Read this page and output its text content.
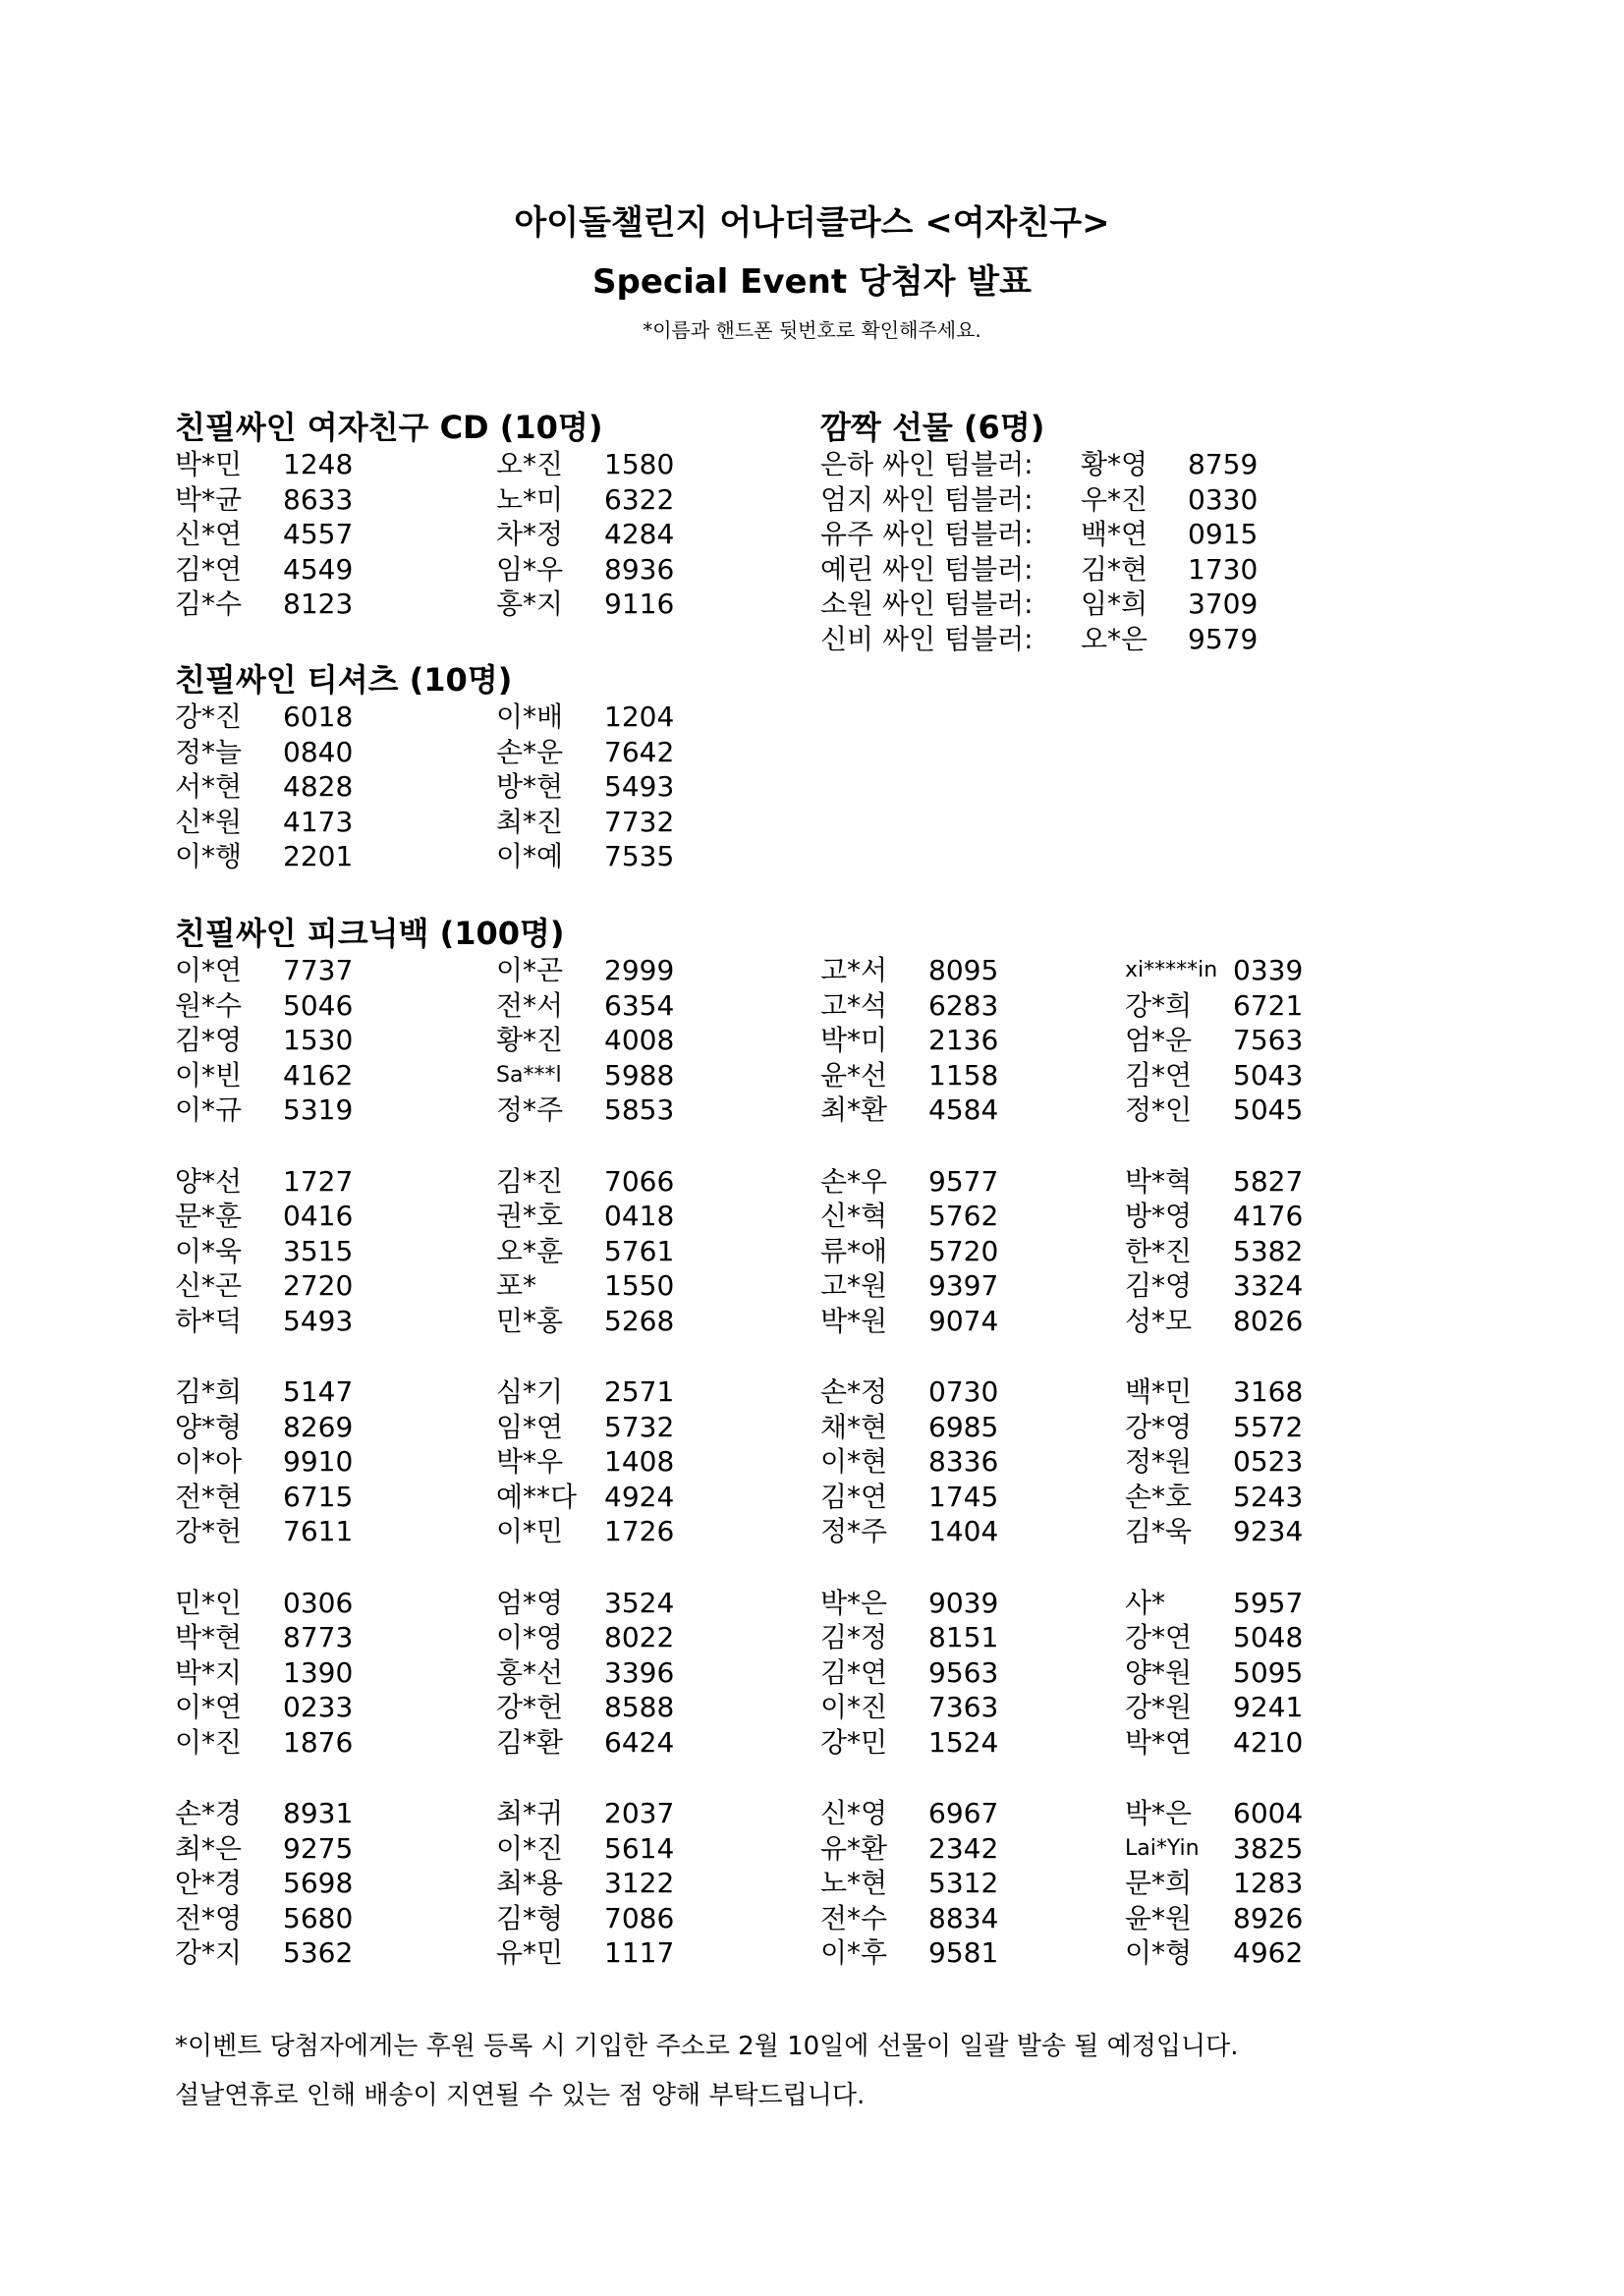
아이돌챌린지 어나더클라스 <여자친구>
Special Event 당첨자 발표
*이름과 핸드폰 뒷번호로 확인해주세요.
친필싸인 여자친구 CD (10명)
박*민 1248
박*균 8633
신*연 4557
김*연 4549
김*수 8123
오*진 1580
노*미 6322
차*정 4284
임*우 8936
홍*지 9116
깜짝 선물 (6명)
은하 싸인 텀블러: 황*영 8759
엄지 싸인 텀블러: 우*진 0330
유주 싸인 텀블러: 백*연 0915
예린 싸인 텀블러: 김*현 1730
소원 싸인 텀블러: 임*희 3709
신비 싸인 텀블러: 오*은 9579
친필싸인 티셔츠 (10명)
강*진 6018
정*늘 0840
서*현 4828
신*원 4173
이*행 2201
이*배 1204
손*운 7642
방*현 5493
최*진 7732
이*예 7535
친필싸인 피크닉백 (100명)
이*연 7737
원*수 5046
김*영 1530
이*빈 4162
이*규 5319
이*곤 2999
전*서 6354
황*진 4008
Sa***l 5988
정*주 5853
고*서 8095
고*석 6283
박*미 2136
윤*선 1158
최*환 4584
xi*****in 0339
강*희 6721
엄*운 7563
김*연 5043
정*인 5045
양*선 1727
문*훈 0416
이*욱 3515
신*곤 2720
하*덕 5493
김*진 7066
권*호 0418
오*훈 5761
포* 1550
민*홍 5268
손*우 9577
신*혁 5762
류*애 5720
고*원 9397
박*원 9074
박*혁 5827
방*영 4176
한*진 5382
김*영 3324
성*모 8026
김*희 5147
양*형 8269
이*아 9910
전*현 6715
강*헌 7611
심*기 2571
임*연 5732
박*우 1408
예**다 4924
이*민 1726
손*정 0730
채*현 6985
이*현 8336
김*연 1745
정*주 1404
백*민 3168
강*영 5572
정*원 0523
손*호 5243
김*욱 9234
민*인 0306
박*현 8773
박*지 1390
이*연 0233
이*진 1876
엄*영 3524
이*영 8022
홍*선 3396
강*헌 8588
김*환 6424
박*은 9039
김*정 8151
김*연 9563
이*진 7363
강*민 1524
사* 5957
강*연 5048
양*원 5095
강*원 9241
박*연 4210
손*경 8931
최*은 9275
안*경 5698
전*영 5680
강*지 5362
최*귀 2037
이*진 5614
최*용 3122
김*형 7086
유*민 1117
신*영 6967
유*환 2342
노*현 5312
전*수 8834
이*후 9581
박*은 6004
Lai*Yin 3825
문*희 1283
윤*원 8926
이*형 4962
*이벤트 당첨자에게는 후원 등록 시 기입한 주소로 2월 10일에 선물이 일괄 발송 될 예정입니다.
설날연휴로 인해 배송이 지연될 수 있는 점 양해 부탁드립니다.
